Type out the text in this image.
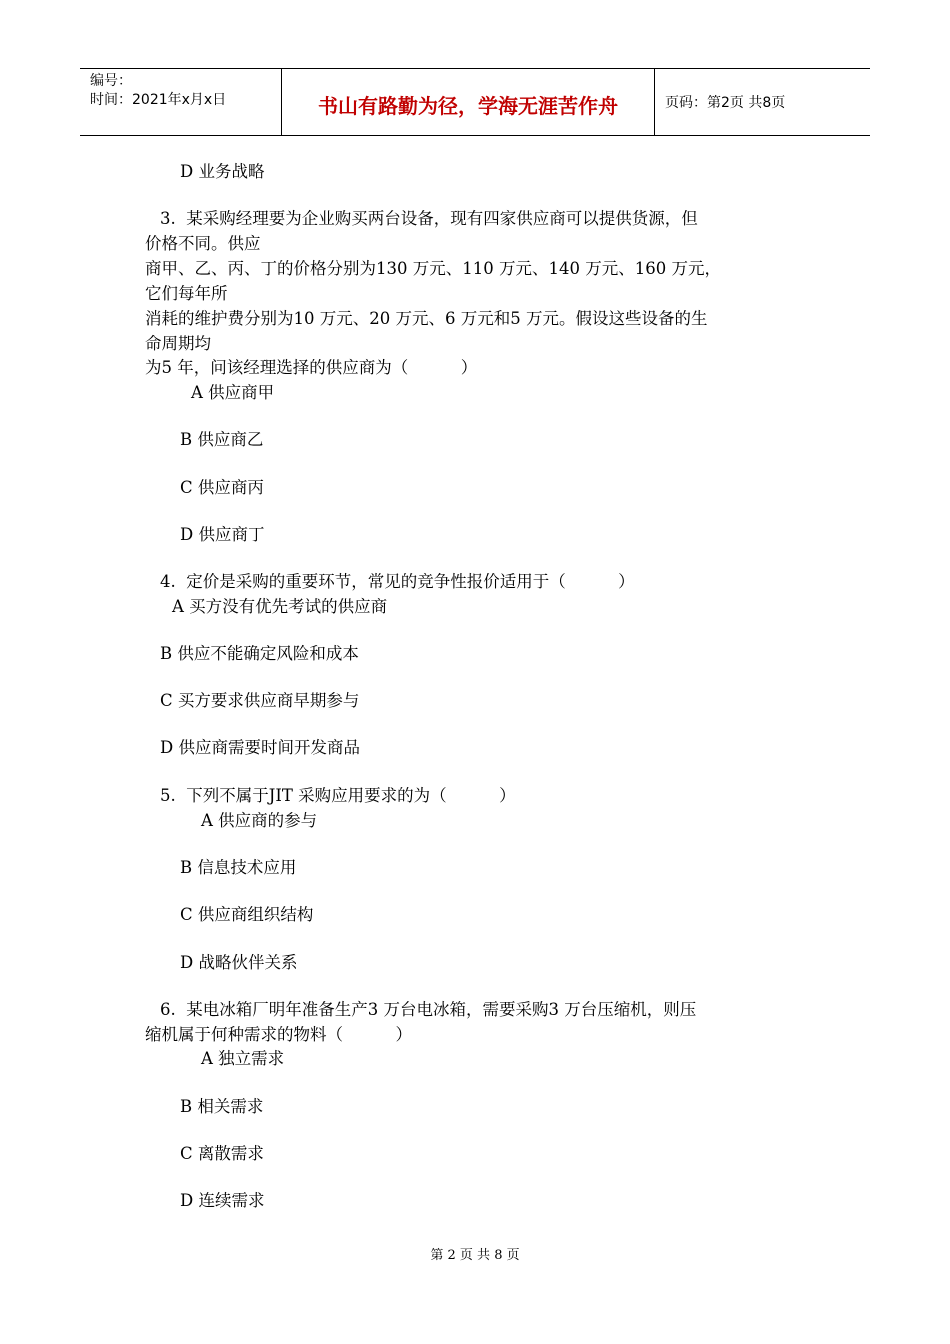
编号：
时间：2021年x月x日	书山有路勤为径，学海无涯苦作舟	页码：第2页 共8页
D 业务战略
3.  某采购经理要为企业购买两台设备，现有四家供应商可以提供货源，但
价格不同。供应
商甲、乙、丙、丁的价格分别为130 万元、110 万元、140 万元、160 万元，
它们每年所
消耗的维护费分别为10 万元、20 万元、6 万元和5 万元。假设这些设备的生
命周期均
为5 年，问该经理选择的供应商为（          ）
A 供应商甲
B 供应商乙
C 供应商丙
D 供应商丁
4.  定价是采购的重要环节，常见的竞争性报价适用于（          ）
A 买方没有优先考试的供应商
B 供应不能确定风险和成本
C 买方要求供应商早期参与
D 供应商需要时间开发商品
5.  下列不属于JIT 采购应用要求的为（          ）
A 供应商的参与
B 信息技术应用
C 供应商组织结构
D 战略伙伴关系
6.  某电冰箱厂明年准备生产3 万台电冰箱，需要采购3 万台压缩机，则压
缩机属于何种需求的物料（          ）
A 独立需求
B 相关需求
C 离散需求
D 连续需求
第 2 页 共 8 页
